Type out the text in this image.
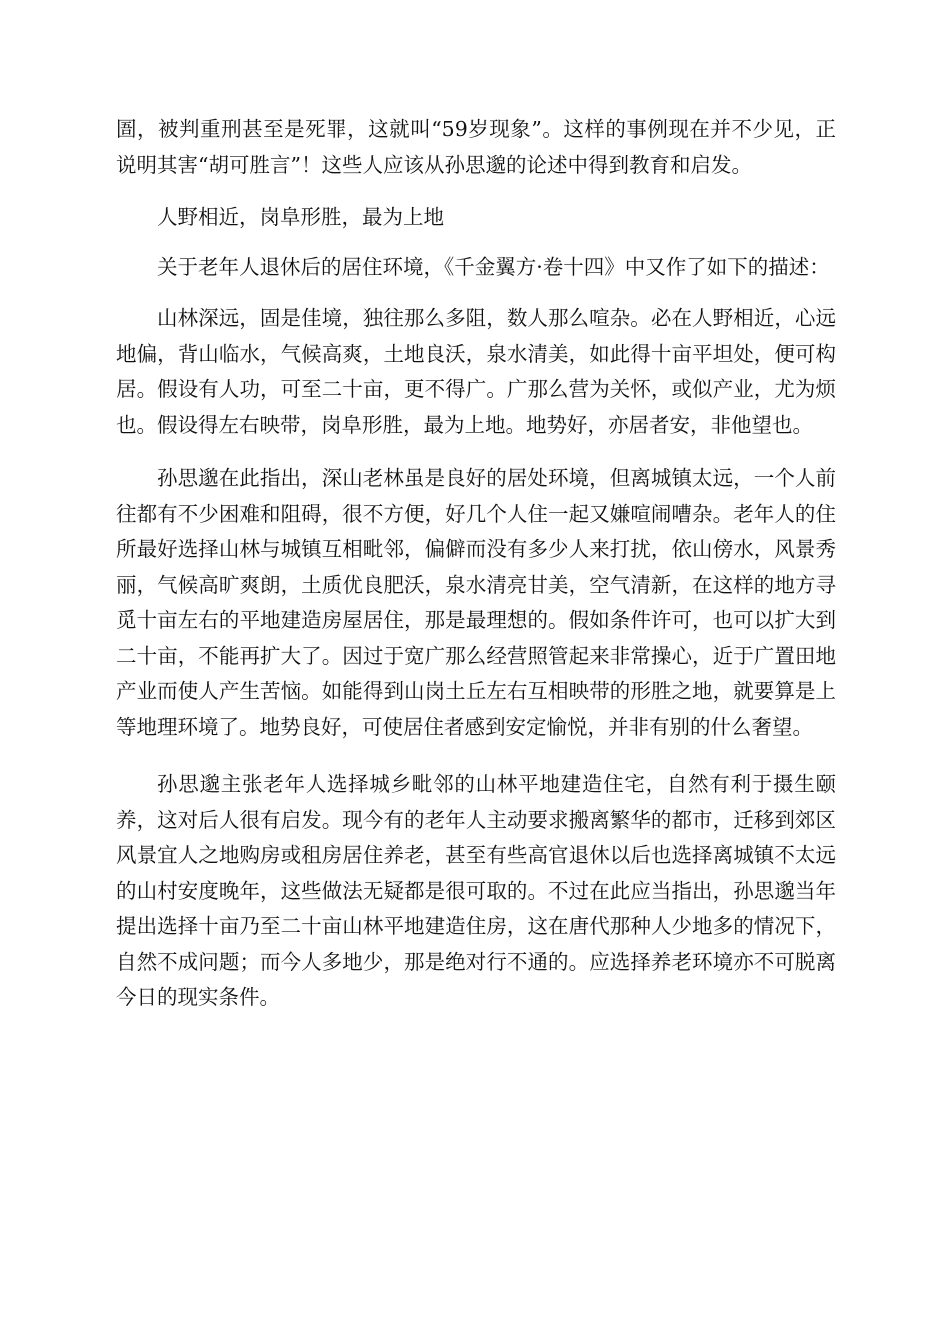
圄，被判重刑甚至是死罪，这就叫“59岁现象”。这样的事例现在并不少见，正说明其害“胡可胜言”！这些人应该从孙思邈的论述中得到教育和启发。

人野相近，岗阜形胜，最为上地

关于老年人退休后的居住环境，《千金翼方·卷十四》中又作了如下的描述：

山林深远，固是佳境，独往那么多阻，数人那么喧杂。必在人野相近，心远地偏，背山临水，气候高爽，土地良沃，泉水清美，如此得十亩平坦处，便可构居。假设有人功，可至二十亩，更不得广。广那么营为关怀，或似产业，尤为烦也。假设得左右映带，岗阜形胜，最为上地。地势好，亦居者安，非他望也。

孙思邈在此指出，深山老林虽是良好的居处环境，但离城镇太远，一个人前往都有不少困难和阻碍，很不方便，好几个人住一起又嫌喧闹嘈杂。老年人的住所最好选择山林与城镇互相毗邻，偏僻而没有多少人来打扰，依山傍水，风景秀丽，气候高旷爽朗，土质优良肥沃，泉水清亮甘美，空气清新，在这样的地方寻觅十亩左右的平地建造房屋居住，那是最理想的。假如条件许可，也可以扩大到二十亩，不能再扩大了。因过于宽广那么经营照管起来非常操心，近于广置田地产业而使人产生苦恼。如能得到山岗土丘左右互相映带的形胜之地，就要算是上等地理环境了。地势良好，可使居住者感到安定愉悦，并非有别的什么奢望。

孙思邈主张老年人选择城乡毗邻的山林平地建造住宅，自然有利于摄生颐养，这对后人很有启发。现今有的老年人主动要求搬离繁华的都市，迁移到郊区风景宜人之地购房或租房居住养老，甚至有些高官退休以后也选择离城镇不太远的山村安度晚年，这些做法无疑都是很可取的。不过在此应当指出，孙思邈当年提出选择十亩乃至二十亩山林平地建造住房，这在唐代那种人少地多的情况下，自然不成问题；而今人多地少，那是绝对行不通的。应选择养老环境亦不可脱离今日的现实条件。
